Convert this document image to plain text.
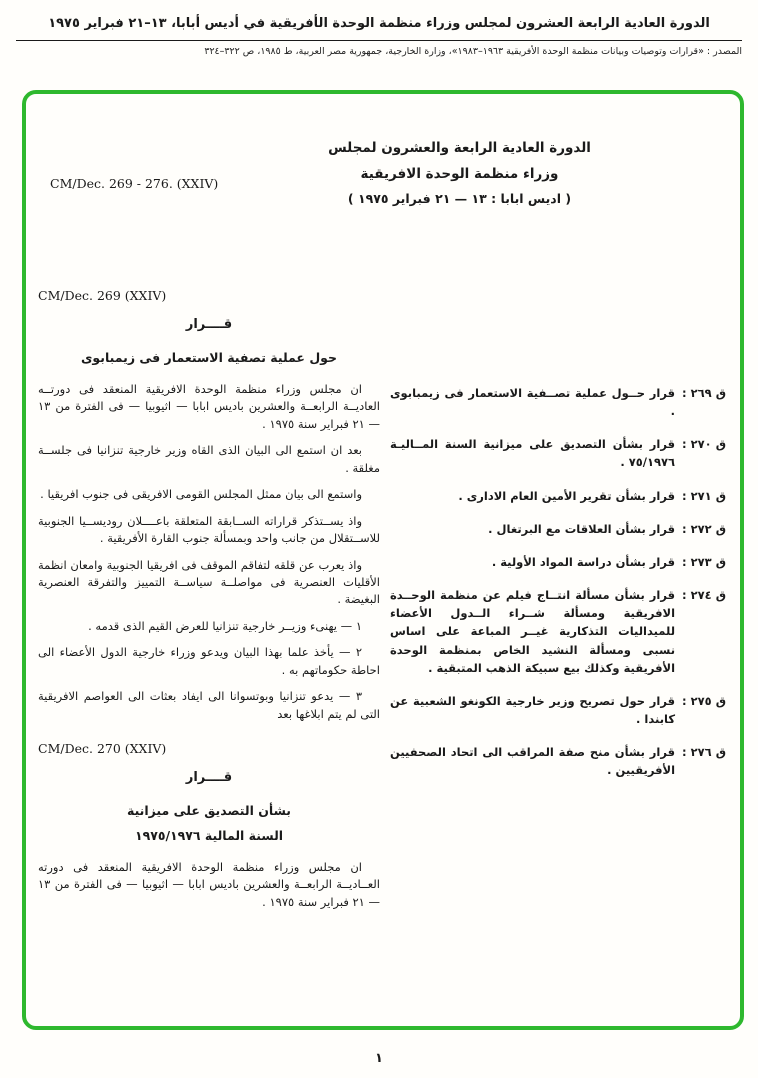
الدورة العادية الرابعة العشرون لمجلس وزراء منظمة الوحدة الأفريقية في أديس أبابا، ١٣–٢١ فبراير ١٩٧٥
المصدر : «قرارات وتوصيات وبيانات منظمة الوحدة الأفريقية ١٩٦٣–١٩٨٣»، وزارة الخارجية، جمهورية مصر العربية، ط ١٩٨٥، ص ٣٢٢–٣٢٤
CM/Dec. 269 - 276. (XXIV)
الدورة العادية الرابعة والعشرون لمجلس
وزراء منظمة الوحدة الافريقية
( اديس ابابا : ١٣ — ٢١ فبراير ١٩٧٥ )
CM/Dec. 269 (XXIV)
قــــرار
حول عملية تصفية الاستعمار فى زيمبابوى

ان مجلس وزراء منظمة الوحدة الافريقية المنعقد فى دورتــه العاديــة الرابعــة والعشرين باديس ابابا — اثيوبيا — فى الفترة من ١٣ — ٢١ فبراير سنة ١٩٧٥ .

بعد ان استمع الى البيان الذى القاه وزير خارجية تنزانيا فى جلســة مغلقة .

واستمع الى بيان ممثل المجلس القومى الافريقى فى جنوب افريقيا .

واذ يســتذكر قراراته الســابقة المتعلقة باعــــلان روديســيا الجنوبية للاســتقلال من جانب واحد وبمسألة جنوب القارة الأفريقية .

واذ يعرب عن قلقه لتفاقم الموقف فى افريقيا الجنوبية وامعان انظمة الأقليات العنصرية فى مواصلــة سياســة التمييز والتفرقة العنصرية البغيضة .

١ — يهنىء وزيــر خارجية تنزانيا للعرض القيم الذى قدمه .

٢ — يأخذ علما بهذا البيان ويدعو وزراء خارجية الدول الأعضاء الى احاطة حكوماتهم به .

٣ — يدعو تنزانيا وبوتسوانا الى ايفاد بعثات الى العواصم الافريقية التى لم يتم ابلاغها بعد

CM/Dec. 270 (XXIV)
قــــرار
بشأن التصديق على ميزانية
السنة المالية ١٩٧٥/١٩٧٦

ان مجلس وزراء منظمة الوحدة الافريقية المنعقد فى دورته العــاديــة الرابعــة والعشرين باديس ابابا — اثيوبيا — فى الفترة من ١٣ — ٢١ فبراير سنة ١٩٧٥ .

ق ٢٦٩ :
قرار حــول عملية تصــفية الاستعمار فى زيمبابوى .
ق ٢٧٠ :
قرار بشأن التصديق على ميزانية السنة المــاليـة ٧٥/١٩٧٦ .
ق ٢٧١ :
قرار بشأن تقرير الأمين العام الادارى .
ق ٢٧٢ :
قرار بشأن العلاقات مع البرتغال .
ق ٢٧٣ :
قرار بشأن دراسة المواد الأولية .
ق ٢٧٤ :
قرار بشأن مسألة انتــاج فيلم عن منظمة الوحــدة الافريقية ومسألة شــراء الــدول الأعضاء للميداليات التذكارية غيــر المباعة على اساس نسبى ومسألة النشيد الخاص بمنظمة الوحدة الأفريقية وكذلك بيع سبيكة الذهب المتبقية .
ق ٢٧٥ :
قرار حول تصريح وزير خارجية الكونغو الشعبية عن كابندا .
ق ٢٧٦ :
قرار بشأن منح صفة المراقب الى اتحاد الصحفيين الأفريقيين .
١
